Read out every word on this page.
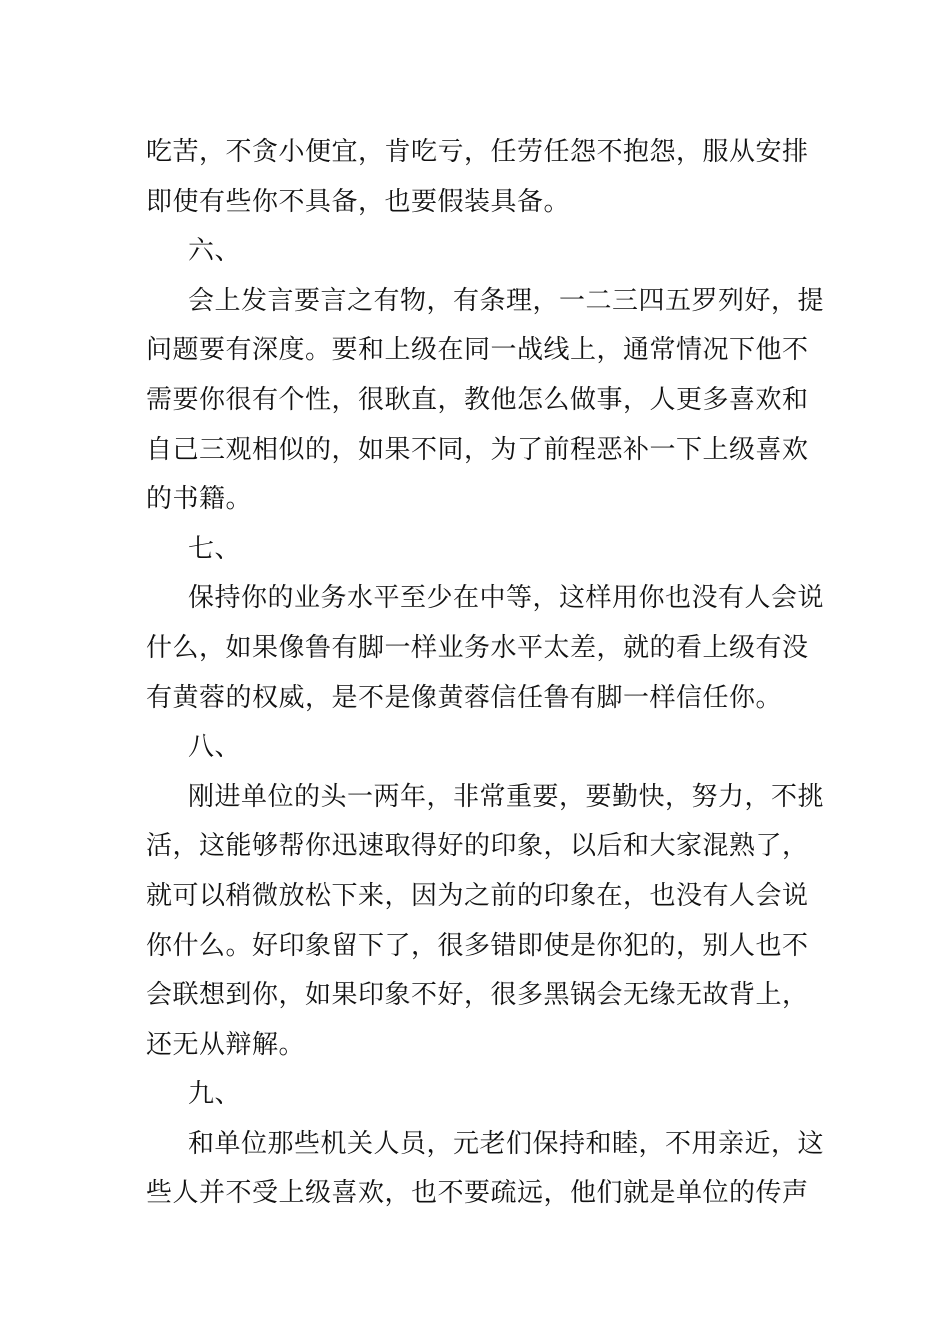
吃苦，不贪小便宜，肯吃亏，任劳任怨不抱怨，服从安排
即使有些你不具备，也要假装具备。
六、
会上发言要言之有物，有条理，一二三四五罗列好，提
问题要有深度。要和上级在同一战线上，通常情况下他不
需要你很有个性，很耿直，教他怎么做事，人更多喜欢和
自己三观相似的，如果不同，为了前程恶补一下上级喜欢
的书籍。
七、
保持你的业务水平至少在中等，这样用你也没有人会说
什么，如果像鲁有脚一样业务水平太差，就的看上级有没
有黄蓉的权威，是不是像黄蓉信任鲁有脚一样信任你。
八、
刚进单位的头一两年，非常重要，要勤快，努力，不挑
活，这能够帮你迅速取得好的印象，以后和大家混熟了，
就可以稍微放松下来，因为之前的印象在，也没有人会说
你什么。好印象留下了，很多错即使是你犯的，别人也不
会联想到你，如果印象不好，很多黑锅会无缘无故背上，
还无从辩解。
九、
和单位那些机关人员，元老们保持和睦，不用亲近，这
些人并不受上级喜欢，也不要疏远，他们就是单位的传声
